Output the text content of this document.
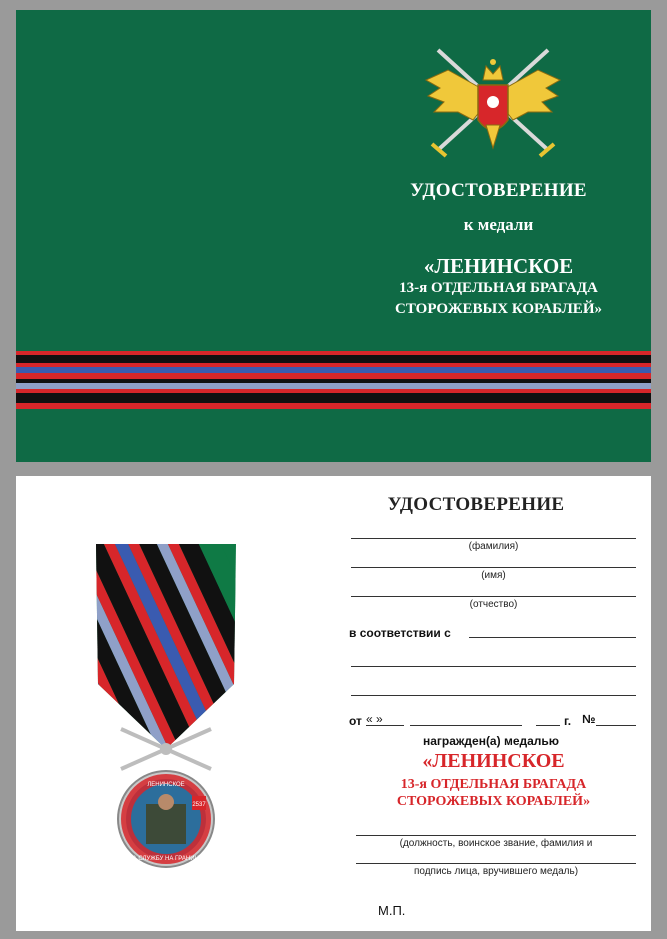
УДОСТОВЕРЕНИЕ
к медали
«ЛЕНИНСКОЕ
13-я ОТДЕЛЬНАЯ БРАГАДА
СТОРОЖЕВЫХ КОРАБЛЕЙ»
УДОСТОВЕРЕНИЕ
2537
ЛЕНИНСКОЕ
ЗА СЛУЖБУ НА ГРАНИЦЕ
(фамилия)
(имя)
(отчество)
в соответствии с
от « »	г. №
награжден(а) медалью
«ЛЕНИНСКОЕ
13-я ОТДЕЛЬНАЯ БРАГАДА
СТОРОЖЕВЫХ КОРАБЛЕЙ»
(должность, воинское звание, фамилия и
подпись лица, вручившего медаль)
М.П.
